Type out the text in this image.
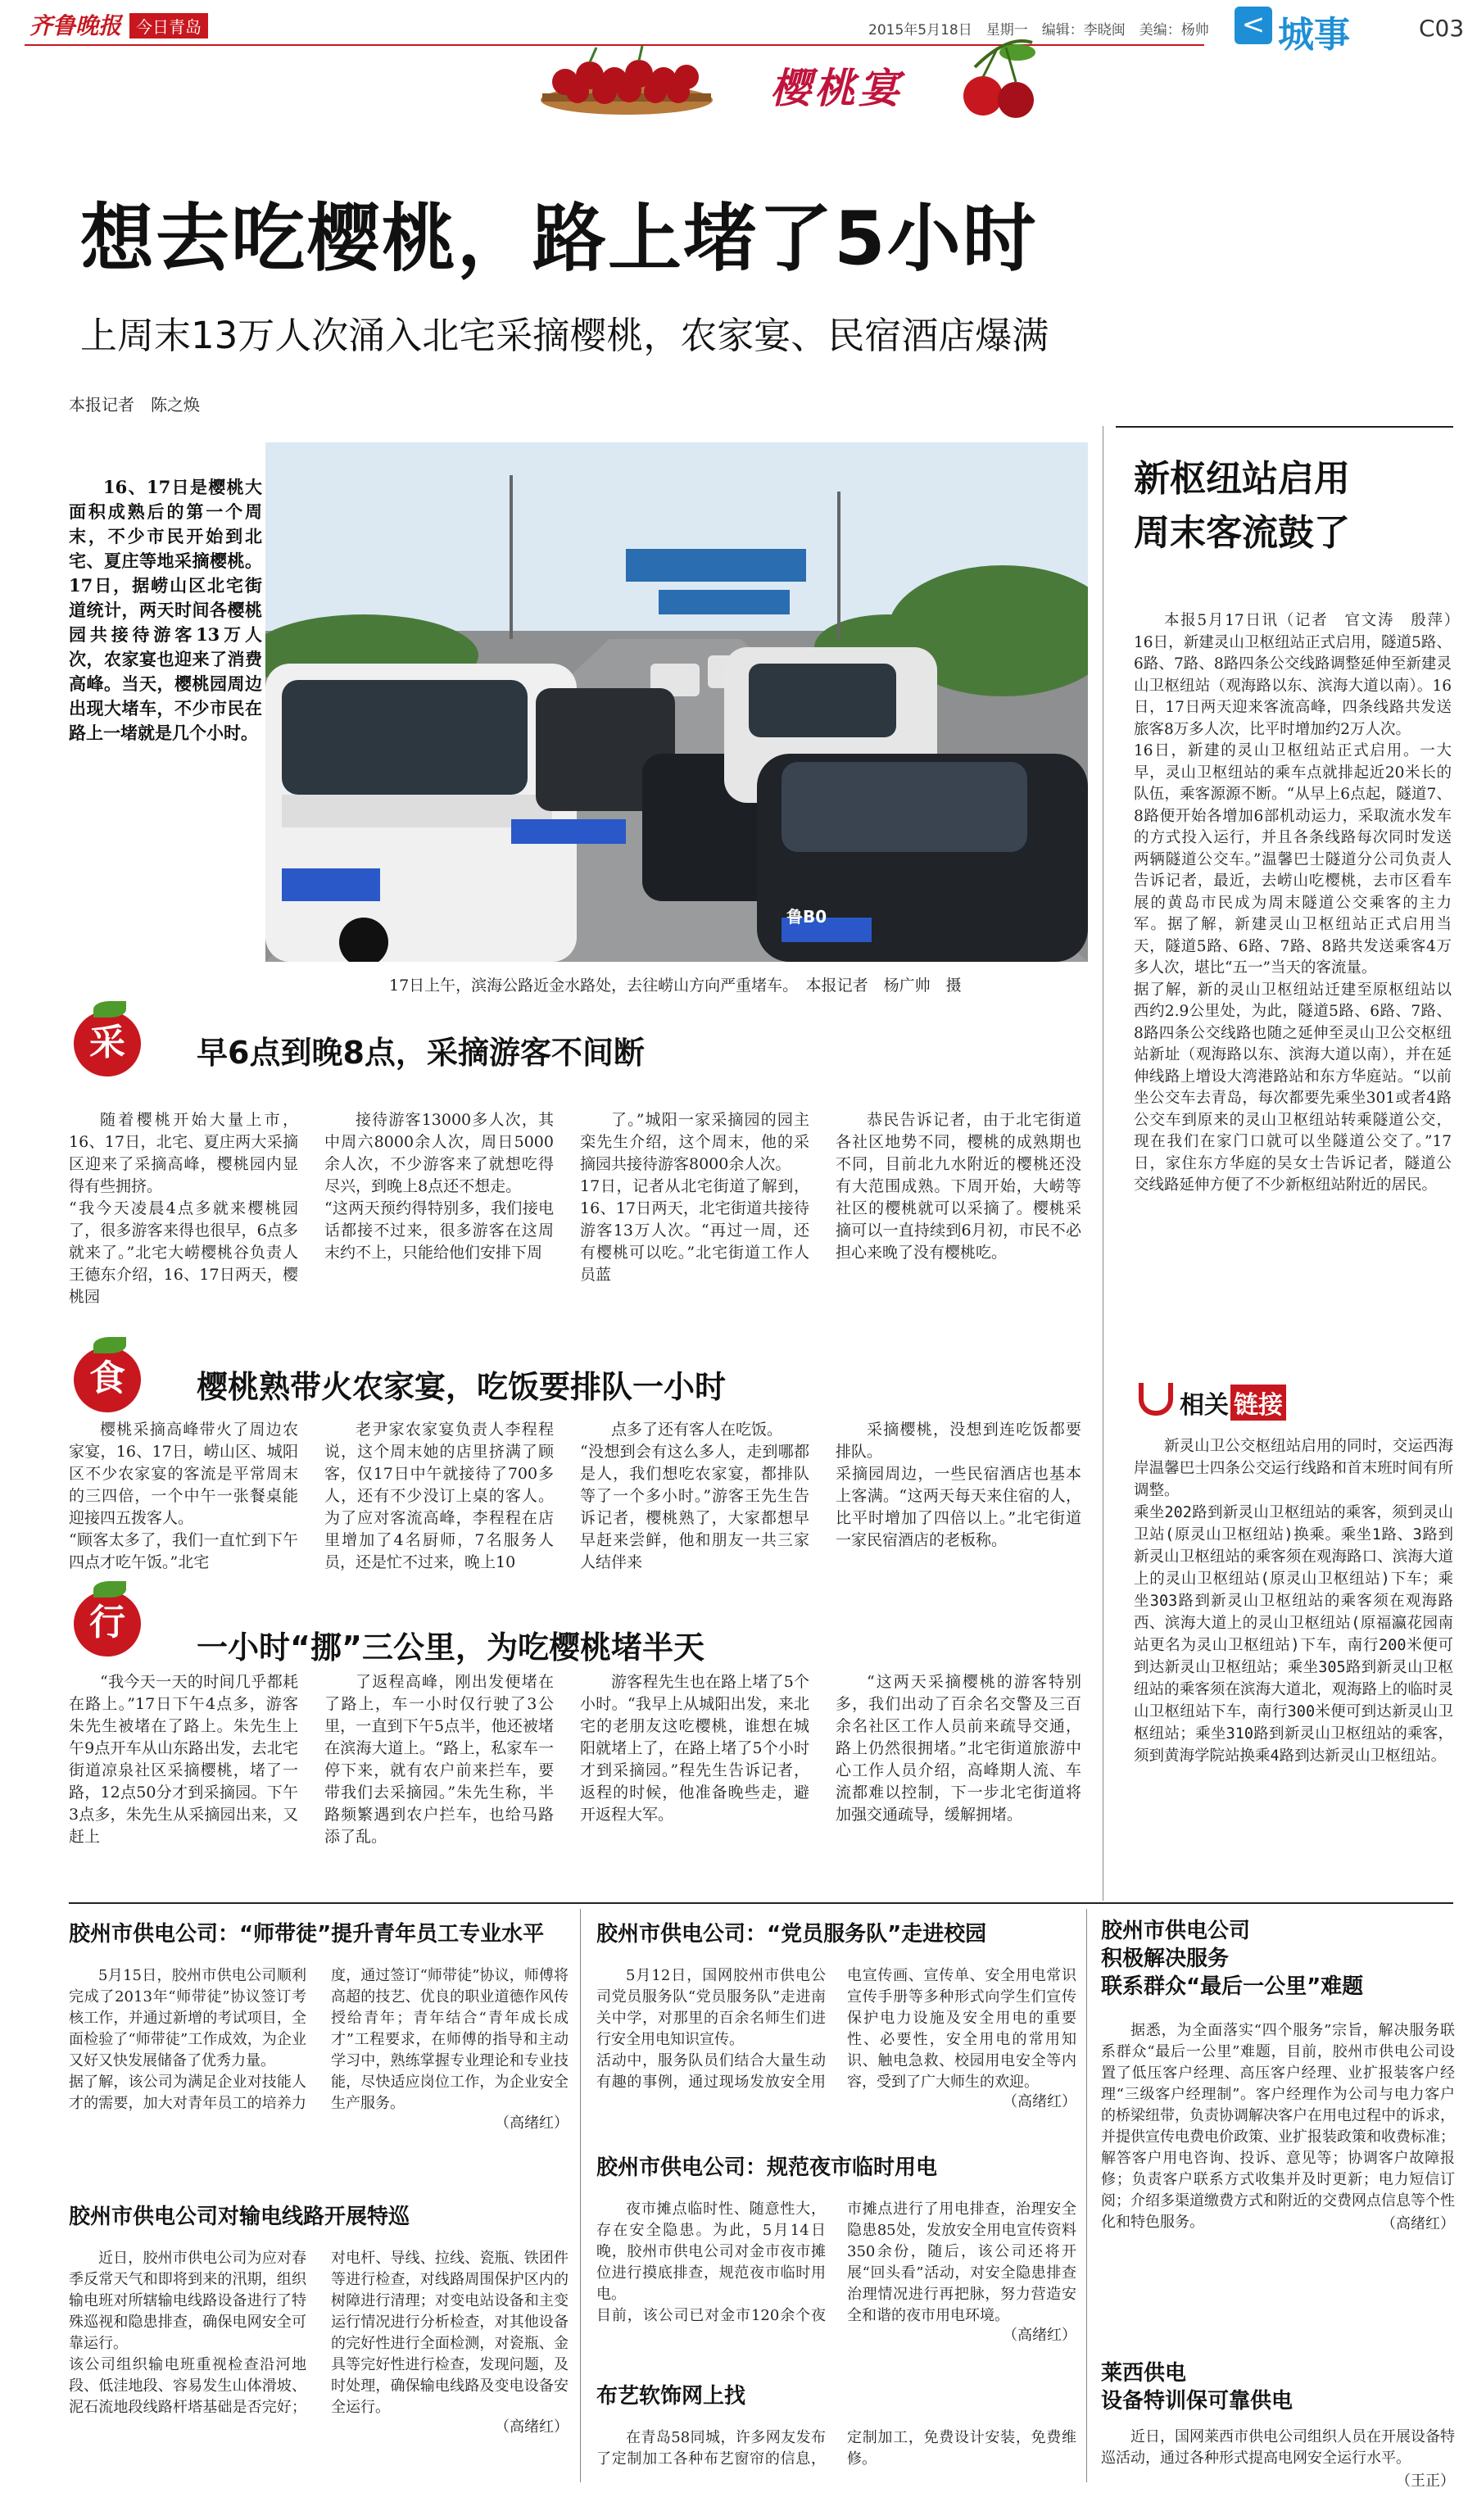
齐鲁晚报 今日青岛	2015年5月18日　 星期一　 编辑：李晓闽　 美编：杨帅 < 城事	C03
樱桃宴
想去吃樱桃，路上堵了5小时
上周末13万人次涌入北宅采摘樱桃，农家宴、民宿酒店爆满
本报记者　陈之焕
16、17日是樱桃大面积成熟后的第一个周末，不少市民开始到北宅、夏庄等地采摘樱桃。17日，据崂山区北宅街道统计，两天时间各樱桃园共接待游客13万人次，农家宴也迎来了消费高峰。当天，樱桃园周边出现大堵车，不少市民在路上一堵就是几个小时。
鲁B0
17日上午，滨海公路近金水路处，去往崂山方向严重堵车。　本报记者　杨广帅　摄
采	早6点到晚8点，采摘游客不间断
随着樱桃开始大量上市，16、17日，北宅、夏庄两大采摘区迎来了采摘高峰，樱桃园内显得有些拥挤。
“我今天凌晨4点多就来樱桃园了，很多游客来得也很早，6点多就来了。”北宅大崂樱桃谷负责人王德东介绍，16、17日两天，樱桃园
接待游客13000多人次，其中周六8000余人次，周日5000余人次，不少游客来了就想吃得尽兴，到晚上8点还不想走。
“这两天预约得特别多，我们接电话都接不过来，很多游客在这周末约不上，只能给他们安排下周
了。”城阳一家采摘园的园主栾先生介绍，这个周末，他的采摘园共接待游客8000余人次。
17日，记者从北宅街道了解到，16、17日两天，北宅街道共接待游客13万人次。“再过一周，还有樱桃可以吃。”北宅街道工作人员蓝
恭民告诉记者，由于北宅街道各社区地势不同，樱桃的成熟期也不同，目前北九水附近的樱桃还没有大范围成熟。下周开始，大崂等社区的樱桃就可以采摘了。樱桃采摘可以一直持续到6月初，市民不必担心来晚了没有樱桃吃。
食	樱桃熟带火农家宴，吃饭要排队一小时
樱桃采摘高峰带火了周边农家宴，16、17日，崂山区、城阳区不少农家宴的客流是平常周末的三四倍，一个中午一张餐桌能迎接四五拨客人。
“顾客太多了，我们一直忙到下午四点才吃午饭。”北宅
老尹家农家宴负责人李程程说，这个周末她的店里挤满了顾客，仅17日中午就接待了700多人，还有不少没订上桌的客人。为了应对客流高峰，李程程在店里增加了4名厨师，7名服务人员，还是忙不过来，晚上10
点多了还有客人在吃饭。
“没想到会有这么多人，走到哪都是人，我们想吃农家宴，都排队等了一个多小时。”游客王先生告诉记者，樱桃熟了，大家都想早早赶来尝鲜，他和朋友一共三家人结伴来
采摘樱桃，没想到连吃饭都要排队。
采摘园周边，一些民宿酒店也基本上客满。“这两天每天来住宿的人，比平时增加了四倍以上。”北宅街道一家民宿酒店的老板称。
行
一小时“挪”三公里，为吃樱桃堵半天
“我今天一天的时间几乎都耗在路上。”17日下午4点多，游客朱先生被堵在了路上。朱先生上午9点开车从山东路出发，去北宅街道凉泉社区采摘樱桃，堵了一路，12点50分才到采摘园。下午3点多，朱先生从采摘园出来，又赶上
了返程高峰，刚出发便堵在了路上，车一小时仅行驶了3公里，一直到下午5点半，他还被堵在滨海大道上。“路上，私家车一停下来，就有农户前来拦车，要带我们去采摘园。”朱先生称，半路频繁遇到农户拦车，也给马路添了乱。
游客程先生也在路上堵了5个小时。“我早上从城阳出发，来北宅的老朋友这吃樱桃，谁想在城阳就堵上了，在路上堵了5个小时才到采摘园。”程先生告诉记者，返程的时候，他准备晚些走，避开返程大军。
“这两天采摘樱桃的游客特别多，我们出动了百余名交警及三百余名社区工作人员前来疏导交通，路上仍然很拥堵。”北宅街道旅游中心工作人员介绍，高峰期人流、车流都难以控制，下一步北宅街道将加强交通疏导，缓解拥堵。
新枢纽站启用
周末客流鼓了
本报5月17日讯（记者　官文涛　殷萍）　16日，新建灵山卫枢纽站正式启用，隧道5路、6路、7路、8路四条公交线路调整延伸至新建灵山卫枢纽站（观海路以东、滨海大道以南）。16日，17日两天迎来客流高峰，四条线路共发送旅客8万多人次，比平时增加约2万人次。
16日，新建的灵山卫枢纽站正式启用。一大早，灵山卫枢纽站的乘车点就排起近20米长的队伍，乘客源源不断。“从早上6点起，隧道7、8路便开始各增加6部机动运力，采取流水发车的方式投入运行，并且各条线路每次同时发送两辆隧道公交车。”温馨巴士隧道分公司负责人告诉记者，最近，去崂山吃樱桃，去市区看车展的黄岛市民成为周末隧道公交乘客的主力军。据了解，新建灵山卫枢纽站正式启用当天，隧道5路、6路、7路、8路共发送乘客4万多人次，堪比“五一”当天的客流量。
据了解，新的灵山卫枢纽站迁建至原枢纽站以西约2.9公里处，为此，隧道5路、6路、7路、8路四条公交线路也随之延伸至灵山卫公交枢纽站新址（观海路以东、滨海大道以南），并在延伸线路上增设大湾港路站和东方华庭站。“以前坐公交车去青岛，每次都要先乘坐301或者4路公交车到原来的灵山卫枢纽站转乘隧道公交，现在我们在家门口就可以坐隧道公交了。”17日，家住东方华庭的吴女士告诉记者，隧道公交线路延伸方便了不少新枢纽站附近的居民。
相关 链接
新灵山卫公交枢纽站启用的同时，交运西海岸温馨巴士四条公交运行线路和首末班时间有所调整。
乘坐202路到新灵山卫枢纽站的乘客，须到灵山卫站(原灵山卫枢纽站)换乘。乘坐1路、3路到新灵山卫枢纽站的乘客须在观海路口、滨海大道上的灵山卫枢纽站(原灵山卫枢纽站)下车；乘坐303路到新灵山卫枢纽站的乘客须在观海路西、滨海大道上的灵山卫枢纽站(原福瀛花园南站更名为灵山卫枢纽站)下车，南行200米便可到达新灵山卫枢纽站；乘坐305路到新灵山卫枢纽站的乘客须在滨海大道北，观海路上的临时灵山卫枢纽站下车，南行300米便可到达新灵山卫枢纽站；乘坐310路到新灵山卫枢纽站的乘客，须到黄海学院站换乘4路到达新灵山卫枢纽站。
胶州市供电公司：“师带徒”提升青年员工专业水平
5月15日，胶州市供电公司顺利完成了2013年“师带徒”协议签订考核工作，并通过新增的考试项目，全面检验了“师带徒”工作成效，为企业又好又快发展储备了优秀力量。
据了解，该公司为满足企业对技能人才的需要，加大对青年员工的培养力度，通过签订“师带徒”协议，师傅将高超的技艺、优良的职业道德作风传授给青年；青年结合“青年成长成才”工程要求，在师傅的指导和主动学习中，熟练掌握专业理论和专业技能，尽快适应岗位工作，为企业安全生产服务。
（高绪红）
胶州市供电公司对输电线路开展特巡
近日，胶州市供电公司为应对春季反常天气和即将到来的汛期，组织输电班对所辖输电线路设备进行了特殊巡视和隐患排查，确保电网安全可靠运行。
该公司组织输电班重视检查沿河地段、低洼地段、容易发生山体滑坡、泥石流地段线路杆塔基础是否完好；对电杆、导线、拉线、瓷瓶、铁团件等进行检查，对线路周围保护区内的树障进行清理；对变电站设备和主变运行情况进行分析检查，对其他设备的完好性进行全面检测，对瓷瓶、金具等完好性进行检查，发现问题，及时处理，确保输电线路及变电设备安全运行。
（高绪红）
胶州市供电公司：“党员服务队”走进校园
5月12日，国网胶州市供电公司党员服务队“党员服务队”走进南关中学，对那里的百余名师生们进行安全用电知识宣传。
活动中，服务队员们结合大量生动有趣的事例，通过现场发放安全用电宣传画、宣传单、安全用电常识宣传手册等多种形式向学生们宣传保护电力设施及安全用电的重要性、必要性，安全用电的常用知识、触电急救、校园用电安全等内容，受到了广大师生的欢迎。
（高绪红）
胶州市供电公司：规范夜市临时用电
夜市摊点临时性、随意性大，存在安全隐患。为此，5月14日晚，胶州市供电公司对金市夜市摊位进行摸底排查，规范夜市临时用电。
目前，该公司已对金市120余个夜市摊点进行了用电排查，治理安全隐患85处，发放安全用电宣传资料350余份，随后，该公司还将开展“回头看”活动，对安全隐患排查治理情况进行再把脉，努力营造安全和谐的夜市用电环境。
（高绪红）
布艺软饰网上找
在青岛58同城，许多网友发布了定制加工各种布艺窗帘的信息，定制加工，免费设计安装，免费维修。
胶州市供电公司
积极解决服务
联系群众“最后一公里”难题
据悉，为全面落实“四个服务”宗旨，解决服务联系群众“最后一公里”难题，目前，胶州市供电公司设置了低压客户经理、高压客户经理、业扩报装客户经理“三级客户经理制”。客户经理作为公司与电力客户的桥梁纽带，负责协调解决客户在用电过程中的诉求，并提供宣传电费电价政策、业扩报装政策和收费标准；解答客户用电咨询、投诉、意见等；协调客户故障报修；负责客户联系方式收集并及时更新；电力短信订阅；介绍多渠道缴费方式和附近的交费网点信息等个性化和特色服务。	（高绪红）
莱西供电
设备特训保可靠供电
近日，国网莱西市供电公司组织人员在开展设备特巡活动，通过各种形式提高电网安全运行水平。
（王正）
